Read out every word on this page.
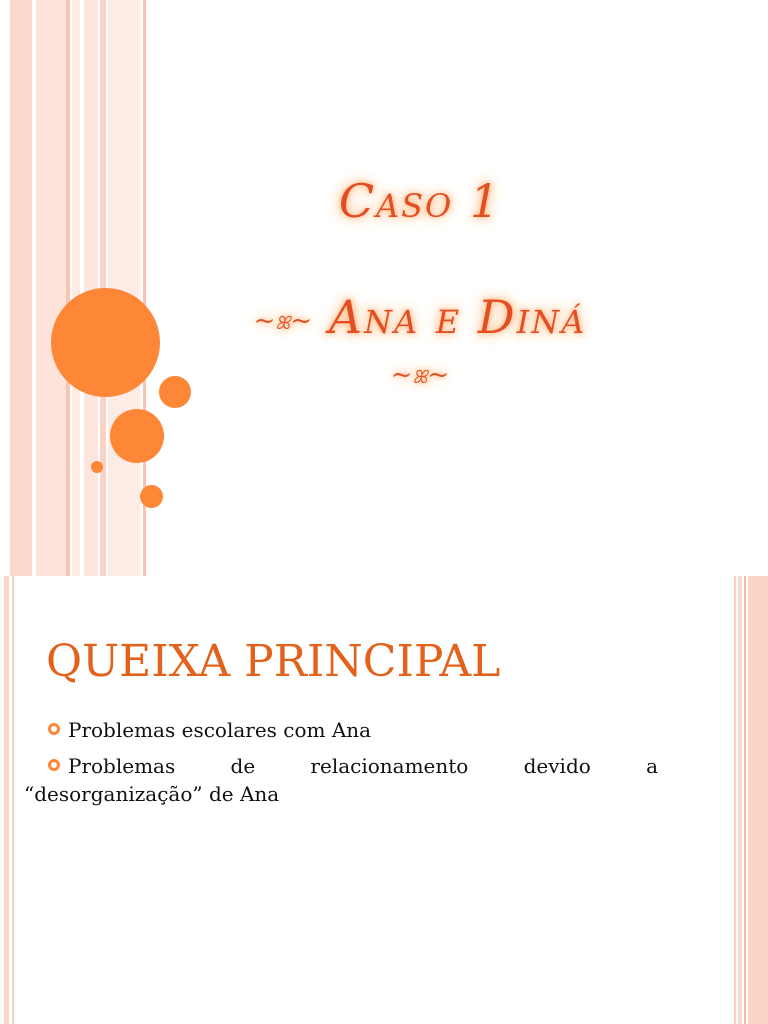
Caso 1
~ꕤ~ Ana e Diná ~ꕤ~
QUEIXA PRINCIPAL
Problemas escolares com Ana
Problemas	de	relacionamento	devido	a
“desorganização” de Ana
